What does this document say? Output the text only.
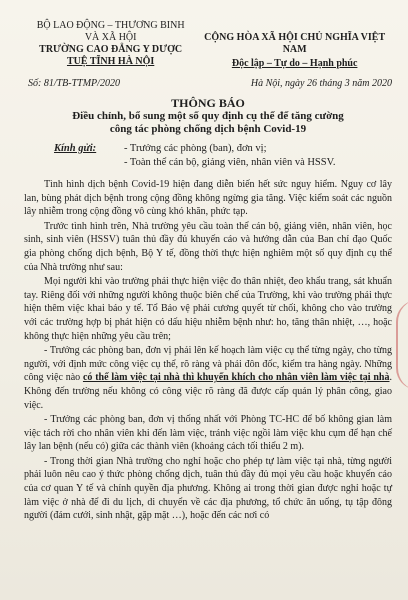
BỘ LAO ĐỘNG – THƯƠNG BINH
VÀ XÃ HỘI
TRƯỜNG CAO ĐẲNG Y DƯỢC
TUỆ TĨNH HÀ NỘI
CỘNG HÒA XÃ HỘI CHỦ NGHĨA VIỆT NAM
Độc lập – Tự do – Hạnh phúc
Số: 81/TB-TTMP/2020	Hà Nội, ngày 26 tháng 3 năm 2020
THÔNG BÁO
Điều chỉnh, bổ sung một số quy định cụ thể để tăng cường
công tác phòng chống dịch bệnh Covid-19
Kính gửi:	- Trưởng các phòng (ban), đơn vị;
- Toàn thể cán bộ, giảng viên, nhân viên và HSSV.

Tình hình dịch bệnh Covid-19 hiện đang diễn biến hết sức nguy hiểm. Nguy cơ lây lan, bùng phát dịch bệnh trong cộng đồng không ngừng gia tăng. Việc kiểm soát các nguồn lây nhiễm trong cộng đồng vô cùng khó khăn, phức tạp.

Trước tình hình trên, Nhà trường yêu cầu toàn thể cán bộ, giảng viên, nhân viên, học sinh, sinh viên (HSSV) tuân thủ đầy đủ khuyến cáo và hướng dẫn của Ban chỉ đạo Quốc gia phòng chống dịch bệnh, Bộ Y tế, đồng thời thực hiện nghiêm một số quy định cụ thể của Nhà trường như sau:

Mọi người khi vào trường phải thực hiện việc đo thân nhiệt, đeo khẩu trang, sát khuẩn tay. Riêng đối với những người không thuộc biên chế của Trường, khi vào trường phải thực hiện thêm việc khai báo y tế. Tổ Bảo vệ phải cương quyết từ chối, không cho vào trường với các trường hợp bị phát hiện có dấu hiệu nhiễm bệnh như: ho, tăng thân nhiệt, …, hoặc không thực hiện những yêu cầu trên;

- Trưởng các phòng ban, đơn vị phải lên kế hoạch làm việc cụ thể từng ngày, cho từng người, với định mức công việc cụ thể, rõ ràng và phải đôn đốc, kiểm tra hàng ngày. Những công việc nào có thể làm việc tại nhà thì khuyến khích cho nhân viên làm việc tại nhà. Không đến trường nếu không có công việc rõ ràng đã được cấp quản lý phân công, giao việc.

- Trưởng các phòng ban, đơn vị thống nhất với Phòng TC-HC để bố không gian làm việc tách rời cho nhân viên khi đến làm việc, tránh việc ngồi làm việc khu cụm để hạn chế lây lan bệnh (nếu có) giữa các thành viên (khoảng cách tối thiểu 2 m).

- Trong thời gian Nhà trường cho nghỉ hoặc cho phép tự làm việc tại nhà, từng người phải luôn nêu cao ý thức phòng chống dịch, tuân thủ đầy đủ mọi yêu cầu hoặc khuyến cáo của cơ quan Y tế và chính quyền địa phương. Không ai trong thời gian được nghỉ hoặc tự làm việc ở nhà để đi du lịch, di chuyển về các địa phương, tổ chức ăn uống, tụ tập đông người (đám cưới, sinh nhật, gặp mặt …), hoặc đến các nơi có
